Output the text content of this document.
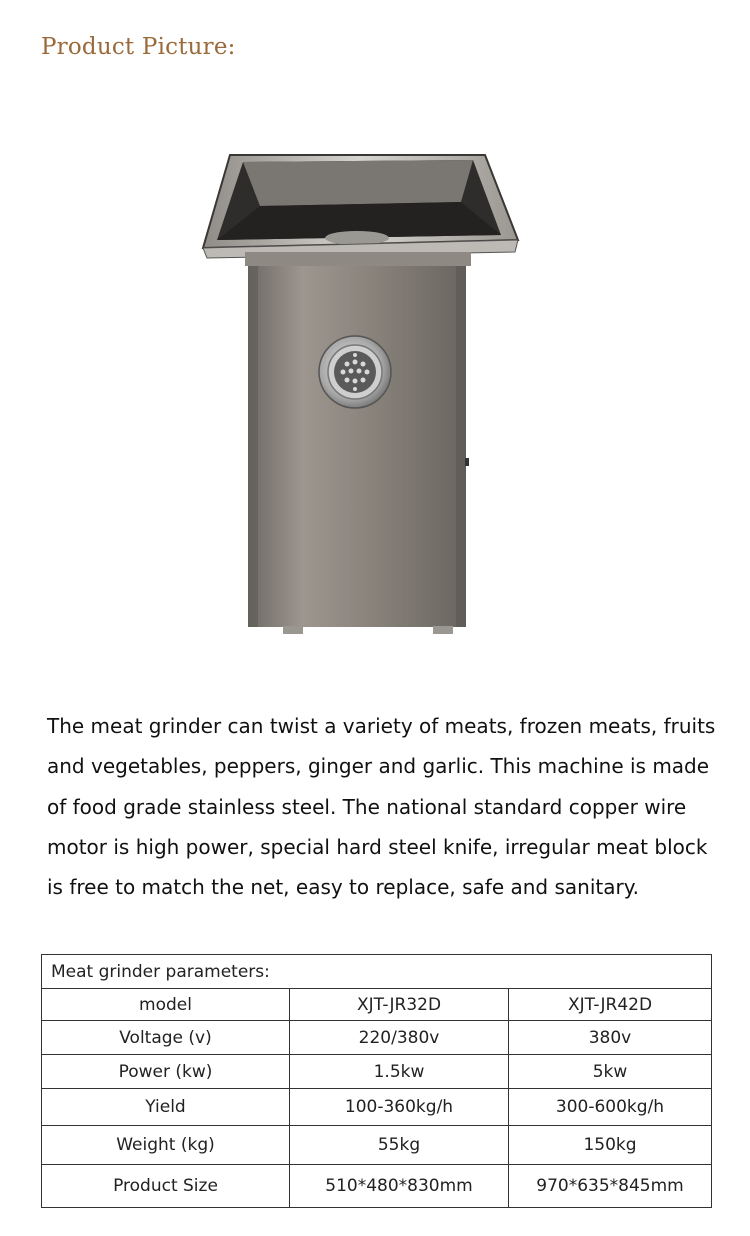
Product Picture:

The meat grinder can twist a variety of meats, frozen meats, fruits and vegetables, peppers, ginger and garlic. This machine is made of food grade stainless steel. The national standard copper wire motor is high power, special hard steel knife, irregular meat block is free to match the net, easy to replace, safe and sanitary.

Meat grinder parameters:		
model	XJT-JR32D	XJT-JR42D
Voltage (v)	220/380v	380v
Power (kw)	1.5kw	5kw
Yield	100-360kg/h	300-600kg/h
Weight (kg)	55kg	150kg
Product Size	510*480*830mm	970*635*845mm
